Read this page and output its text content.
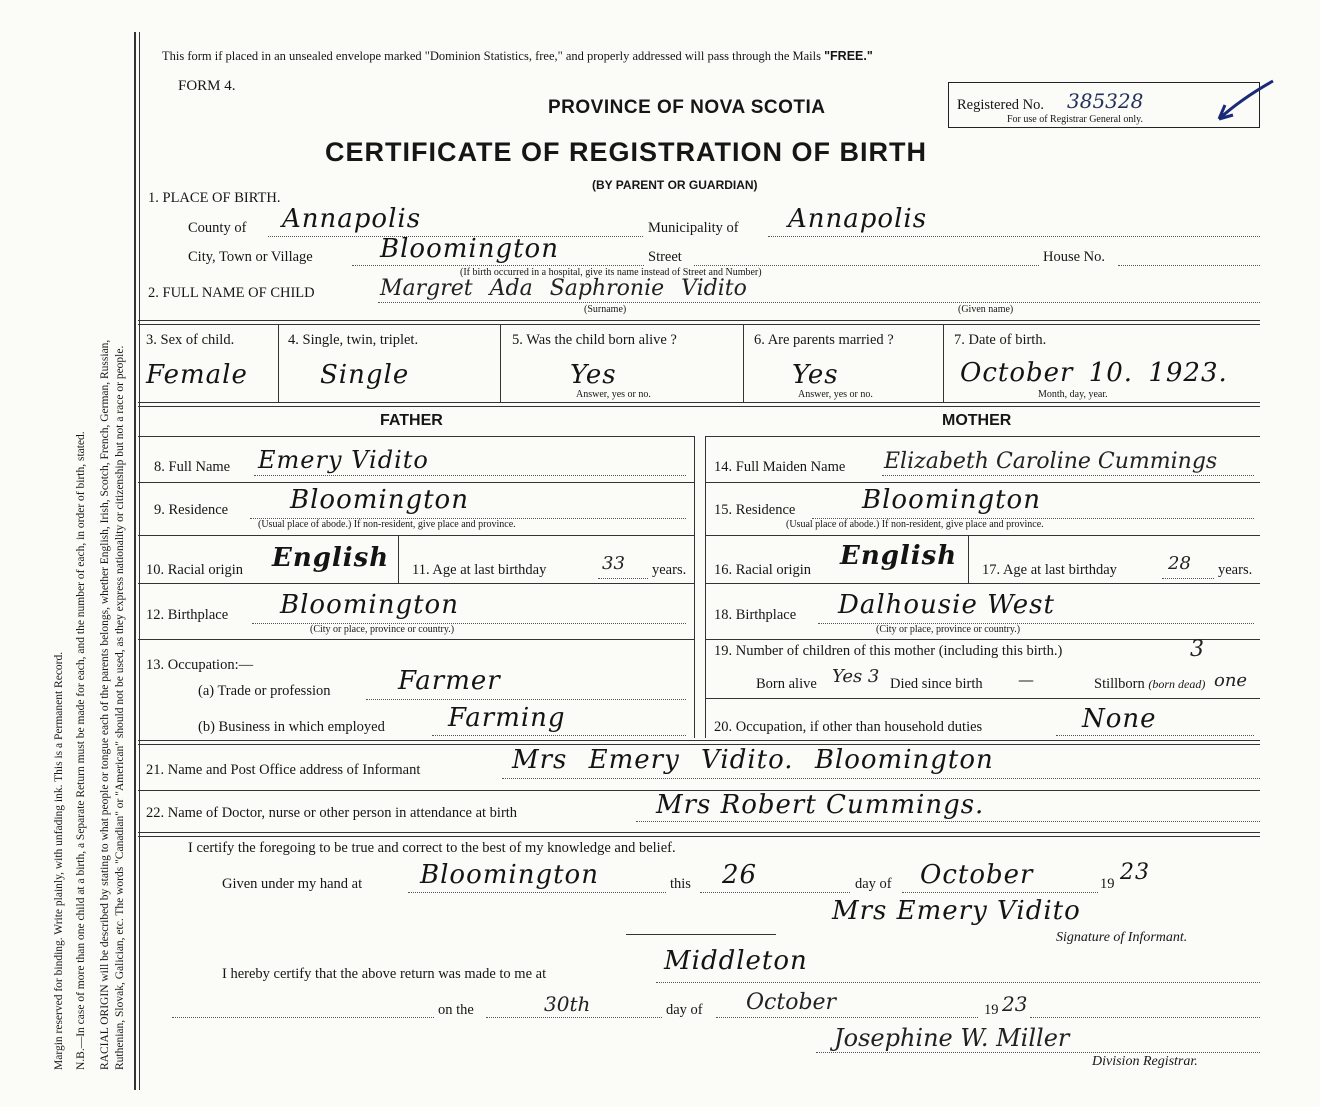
Margin reserved for binding. Write plainly, with unfading ink. This is a Permanent Record. N.B.—In case of more than one child at a birth, a Separate Return must be made for each, and the number of each, in order of birth, stated. RACIAL ORIGIN will be described by stating to what people or tongue each of the parents belongs, whether English, Irish, Scotch, French, German, Russian, Ruthenian, Slovak, Galician, etc. The words "Canadian" or "American" should not be used, as they express nationality or citizenship but not a race or people.
This form if placed in an unsealed envelope marked "Dominion Statistics, free," and properly addressed will pass through the Mails "FREE."
FORM 4.
PROVINCE OF NOVA SCOTIA
CERTIFICATE OF REGISTRATION OF BIRTH
(BY PARENT OR GUARDIAN)
Registered No. 385328
For use of Registrar General only.
1. PLACE OF BIRTH.
County of Annapolis	Municipality of Annapolis
City, Town or Village	Bloomington	Street	House No.
(If birth occurred in a hospital, give its name instead of Street and Number)
2. FULL NAME OF CHILD	Margret Ada Saphronie Vidito
(Surname)	(Given name)
3. Sex of child.
Female
4. Single, twin, triplet.
Single
5. Was the child born alive ?
Yes
Answer, yes or no.
6. Are parents married ?
Yes
Answer, yes or no.
7. Date of birth.
October 10. 1923.
Month, day, year.
FATHER	MOTHER
8. Full Name Emery Vidito	14. Full Maiden Name Elizabeth Caroline Cummings
9. Residence Bloomington
(Usual place of abode.) If non-resident, give place and province.
15. Residence	Bloomington
(Usual place of abode.) If non-resident, give place and province.
10. Racial origin English 11. Age at last birthday	33 years. 16. Racial origin English 17. Age at last birthday	28 years.
12. Birthplace Bloomington
(City or place, province or country.)
18. Birthplace Dalhousie West
(City or place, province or country.)
13. Occupation:—
(a) Trade or profession	Farmer
(b) Business in which employed Farming
19. Number of children of this mother (including this birth.)	3
Born alive Yes 3 Died since birth —	Stillborn (born dead) one
20. Occupation, if other than household duties	None
21. Name and Post Office address of Informant	Mrs Emery Vidito. Bloomington
22. Name of Doctor, nurse or other person in attendance at birth	Mrs Robert Cummings.
I certify the foregoing to be true and correct to the best of my knowledge and belief.
Given under my hand at Bloomington	this 26	day of October	19 23
Mrs Emery Vidito
Signature of Informant.
I hereby certify that the above return was made to me at	Middleton
on the	30th	day of October	19 23
Josephine W. Miller
Division Registrar.
